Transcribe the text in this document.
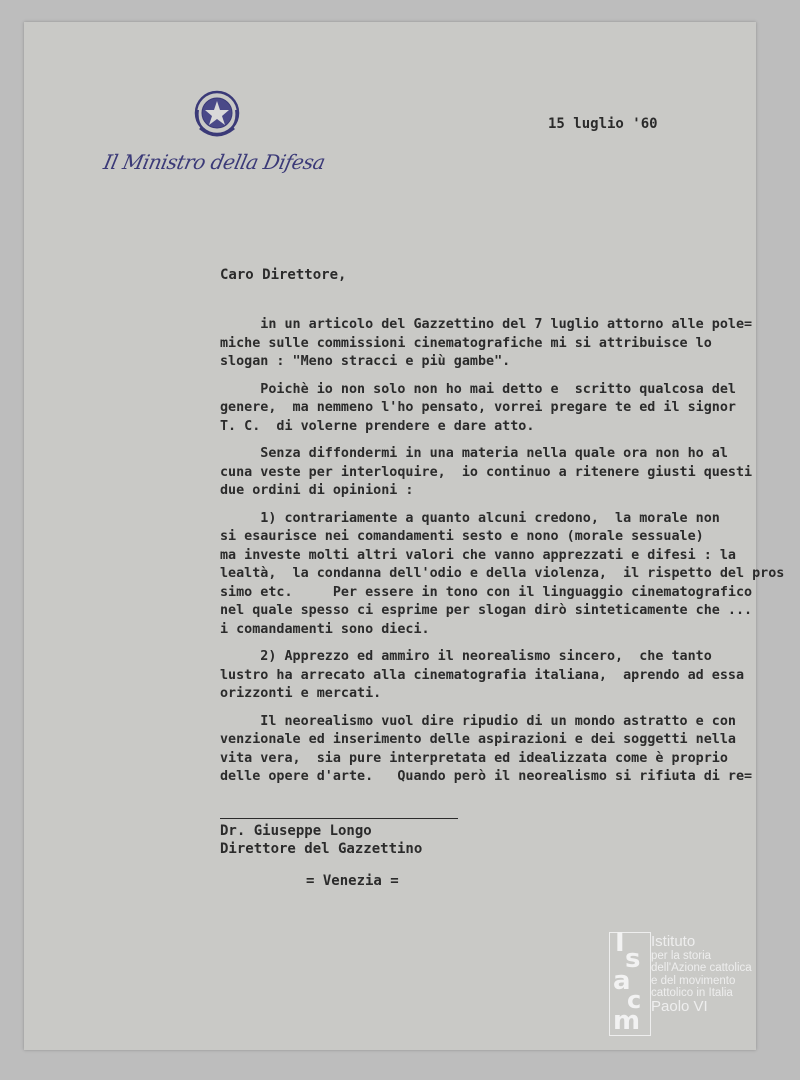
Il Ministro della Difesa
15 luglio '60
Caro Direttore,
in un articolo del Gazzettino del 7 luglio attorno alle pole=
miche sulle commissioni cinematografiche mi si attribuisce lo
slogan : "Meno stracci e più gambe".
Poichè io non solo non ho mai detto e  scritto qualcosa del
genere,  ma nemmeno l'ho pensato, vorrei pregare te ed il signor
T. C.  di volerne prendere e dare atto.
Senza diffondermi in una materia nella quale ora non ho al
cuna veste per interloquire,  io continuo a ritenere giusti questi
due ordini di opinioni :
1) contrariamente a quanto alcuni credono,  la morale non
si esaurisce nei comandamenti sesto e nono (morale sessuale)
ma investe molti altri valori che vanno apprezzati e difesi : la
lealtà,  la condanna dell'odio e della violenza,  il rispetto del pros
simo etc.     Per essere in tono con il linguaggio cinematografico
nel quale spesso ci esprime per slogan dirò sinteticamente che ...
i comandamenti sono dieci.
2) Apprezzo ed ammiro il neorealismo sincero,  che tanto
lustro ha arrecato alla cinematografia italiana,  aprendo ad essa
orizzonti e mercati.
Il neorealismo vuol dire ripudio di un mondo astratto e con
venzionale ed inserimento delle aspirazioni e dei soggetti nella
vita vera,  sia pure interpretata ed idealizzata come è proprio
delle opere d'arte.   Quando però il neorealismo si rifiuta di re=
Dr. Giuseppe Longo
Direttore del Gazzettino
= Venezia =
I
s
a
c
m
Istituto
per la storia
dell'Azione cattolica
e del movimento
cattolico in Italia
Paolo VI
